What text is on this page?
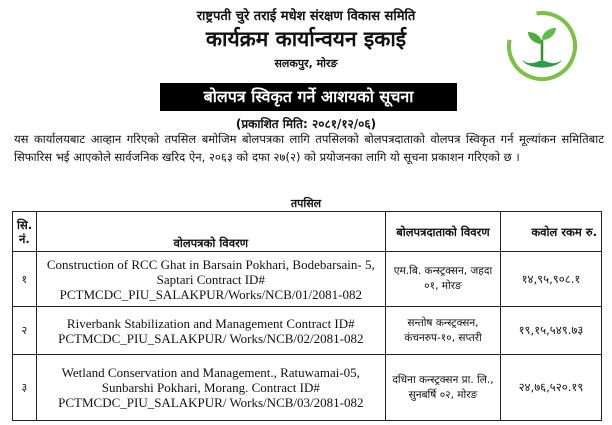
राष्ट्रपती चुरे तराई मधेश संरक्षण विकास समिति
कार्यक्रम कार्यान्वयन इकाई
सलकपुर, मोरङ
बोलपत्र स्विकृत गर्ने आशयको सूचना
(प्रकाशित मिति: २०८१/१२/०६)
यस कार्यालयबाट आव्हान गरिएको तपसिल बमोजिम बोलपत्रका लागि तपसिलको बोलपत्रदाताको वोलपत्र स्विकृत गर्न मूल्यांकन समितिबाट सिफारिस भई आएकोले सार्वजनिक खरिद ऐन, २०६३ को दफा २७(२) को प्रयोजनका लागि यो सूचना प्रकाशन गरिएको छ ।
तपसिल
सि. नं.	वोलपत्रको विवरण	बोलपत्रदाताको विवरण	कवोल रकम रु.
१	Construction of RCC Ghat in Barsain Pokhari, Bodebarsain- 5, Saptari Contract ID# PCTMCDC_PIU_SALAKPUR/Works/NCB/01/2081-082	एम.बि. कन्स्ट्रक्सन, जहदा ०१, मोरङ	१४,९५,९०८.१
२	Riverbank Stabilization and Management Contract ID# PCTMCDC_PIU_SALAKPUR/ Works/NCB/02/2081-082	सन्तोष कन्स्ट्रक्सन, कंचनरुप-१०, सप्तरी	१९,१५,५४९.७३
३	Wetland Conservation and Management., Ratuwamai-05, Sunbarshi Pokhari, Morang. Contract ID# PCTMCDC_PIU_SALAKPUR/ Works/NCB/03/2081-082	दधिना कन्स्ट्रक्सन प्रा. लि., सुनबर्षि ०२, मोरङ	२४,७६,५२०.१९
